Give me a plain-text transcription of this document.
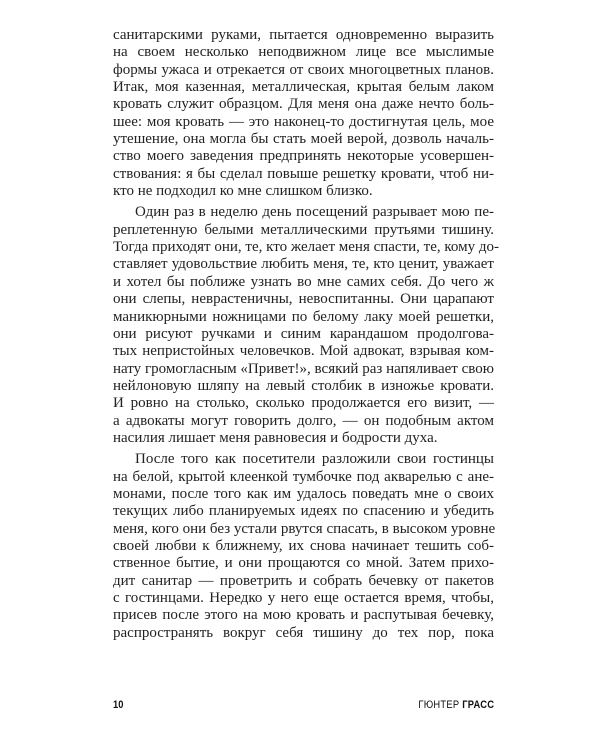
санитарскими руками, пытается одновременно выразить
на своем несколько неподвижном лице все мыслимые
формы ужаса и отрекается от своих многоцветных планов.
Итак, моя казенная, металлическая, крытая белым лаком
кровать служит образцом. Для меня она даже нечто боль-
шее: моя кровать — это наконец-то достигнутая цель, мое
утешение, она могла бы стать моей верой, дозволь началь-
ство моего заведения предпринять некоторые усовершен-
ствования: я бы сделал повыше решетку кровати, чтоб ни-
кто не подходил ко мне слишком близко.
Один раз в неделю день посещений разрывает мою пе-
реплетенную белыми металлическими прутьями тишину.
Тогда приходят они, те, кто желает меня спасти, те, кому до-
ставляет удовольствие любить меня, те, кто ценит, уважает
и хотел бы поближе узнать во мне самих себя. До чего ж
они слепы, неврастеничны, невоспитанны. Они царапают
маникюрными ножницами по белому лаку моей решетки,
они рисуют ручками и синим карандашом продолгова-
тых непристойных человечков. Мой адвокат, взрывая ком-
нату громогласным «Привет!», всякий раз напяливает свою
нейлоновую шляпу на левый столбик в изножье кровати.
И ровно на столько, сколько продолжается его визит, —
а адвокаты могут говорить долго, — он подобным актом
насилия лишает меня равновесия и бодрости духа.
После того как посетители разложили свои гостинцы
на белой, крытой клеенкой тумбочке под акварелью с ане-
монами, после того как им удалось поведать мне о своих
текущих либо планируемых идеях по спасению и убедить
меня, кого они без устали рвутся спасать, в высоком уровне
своей любви к ближнему, их снова начинает тешить соб-
ственное бытие, и они прощаются со мной. Затем прихо-
дит санитар — проветрить и собрать бечевку от пакетов
с гостинцами. Нередко у него еще остается время, чтобы,
присев после этого на мою кровать и распутывая бечевку,
распространять вокруг себя тишину до тех пор, пока
10	ГЮНТЕР ГРАСС
